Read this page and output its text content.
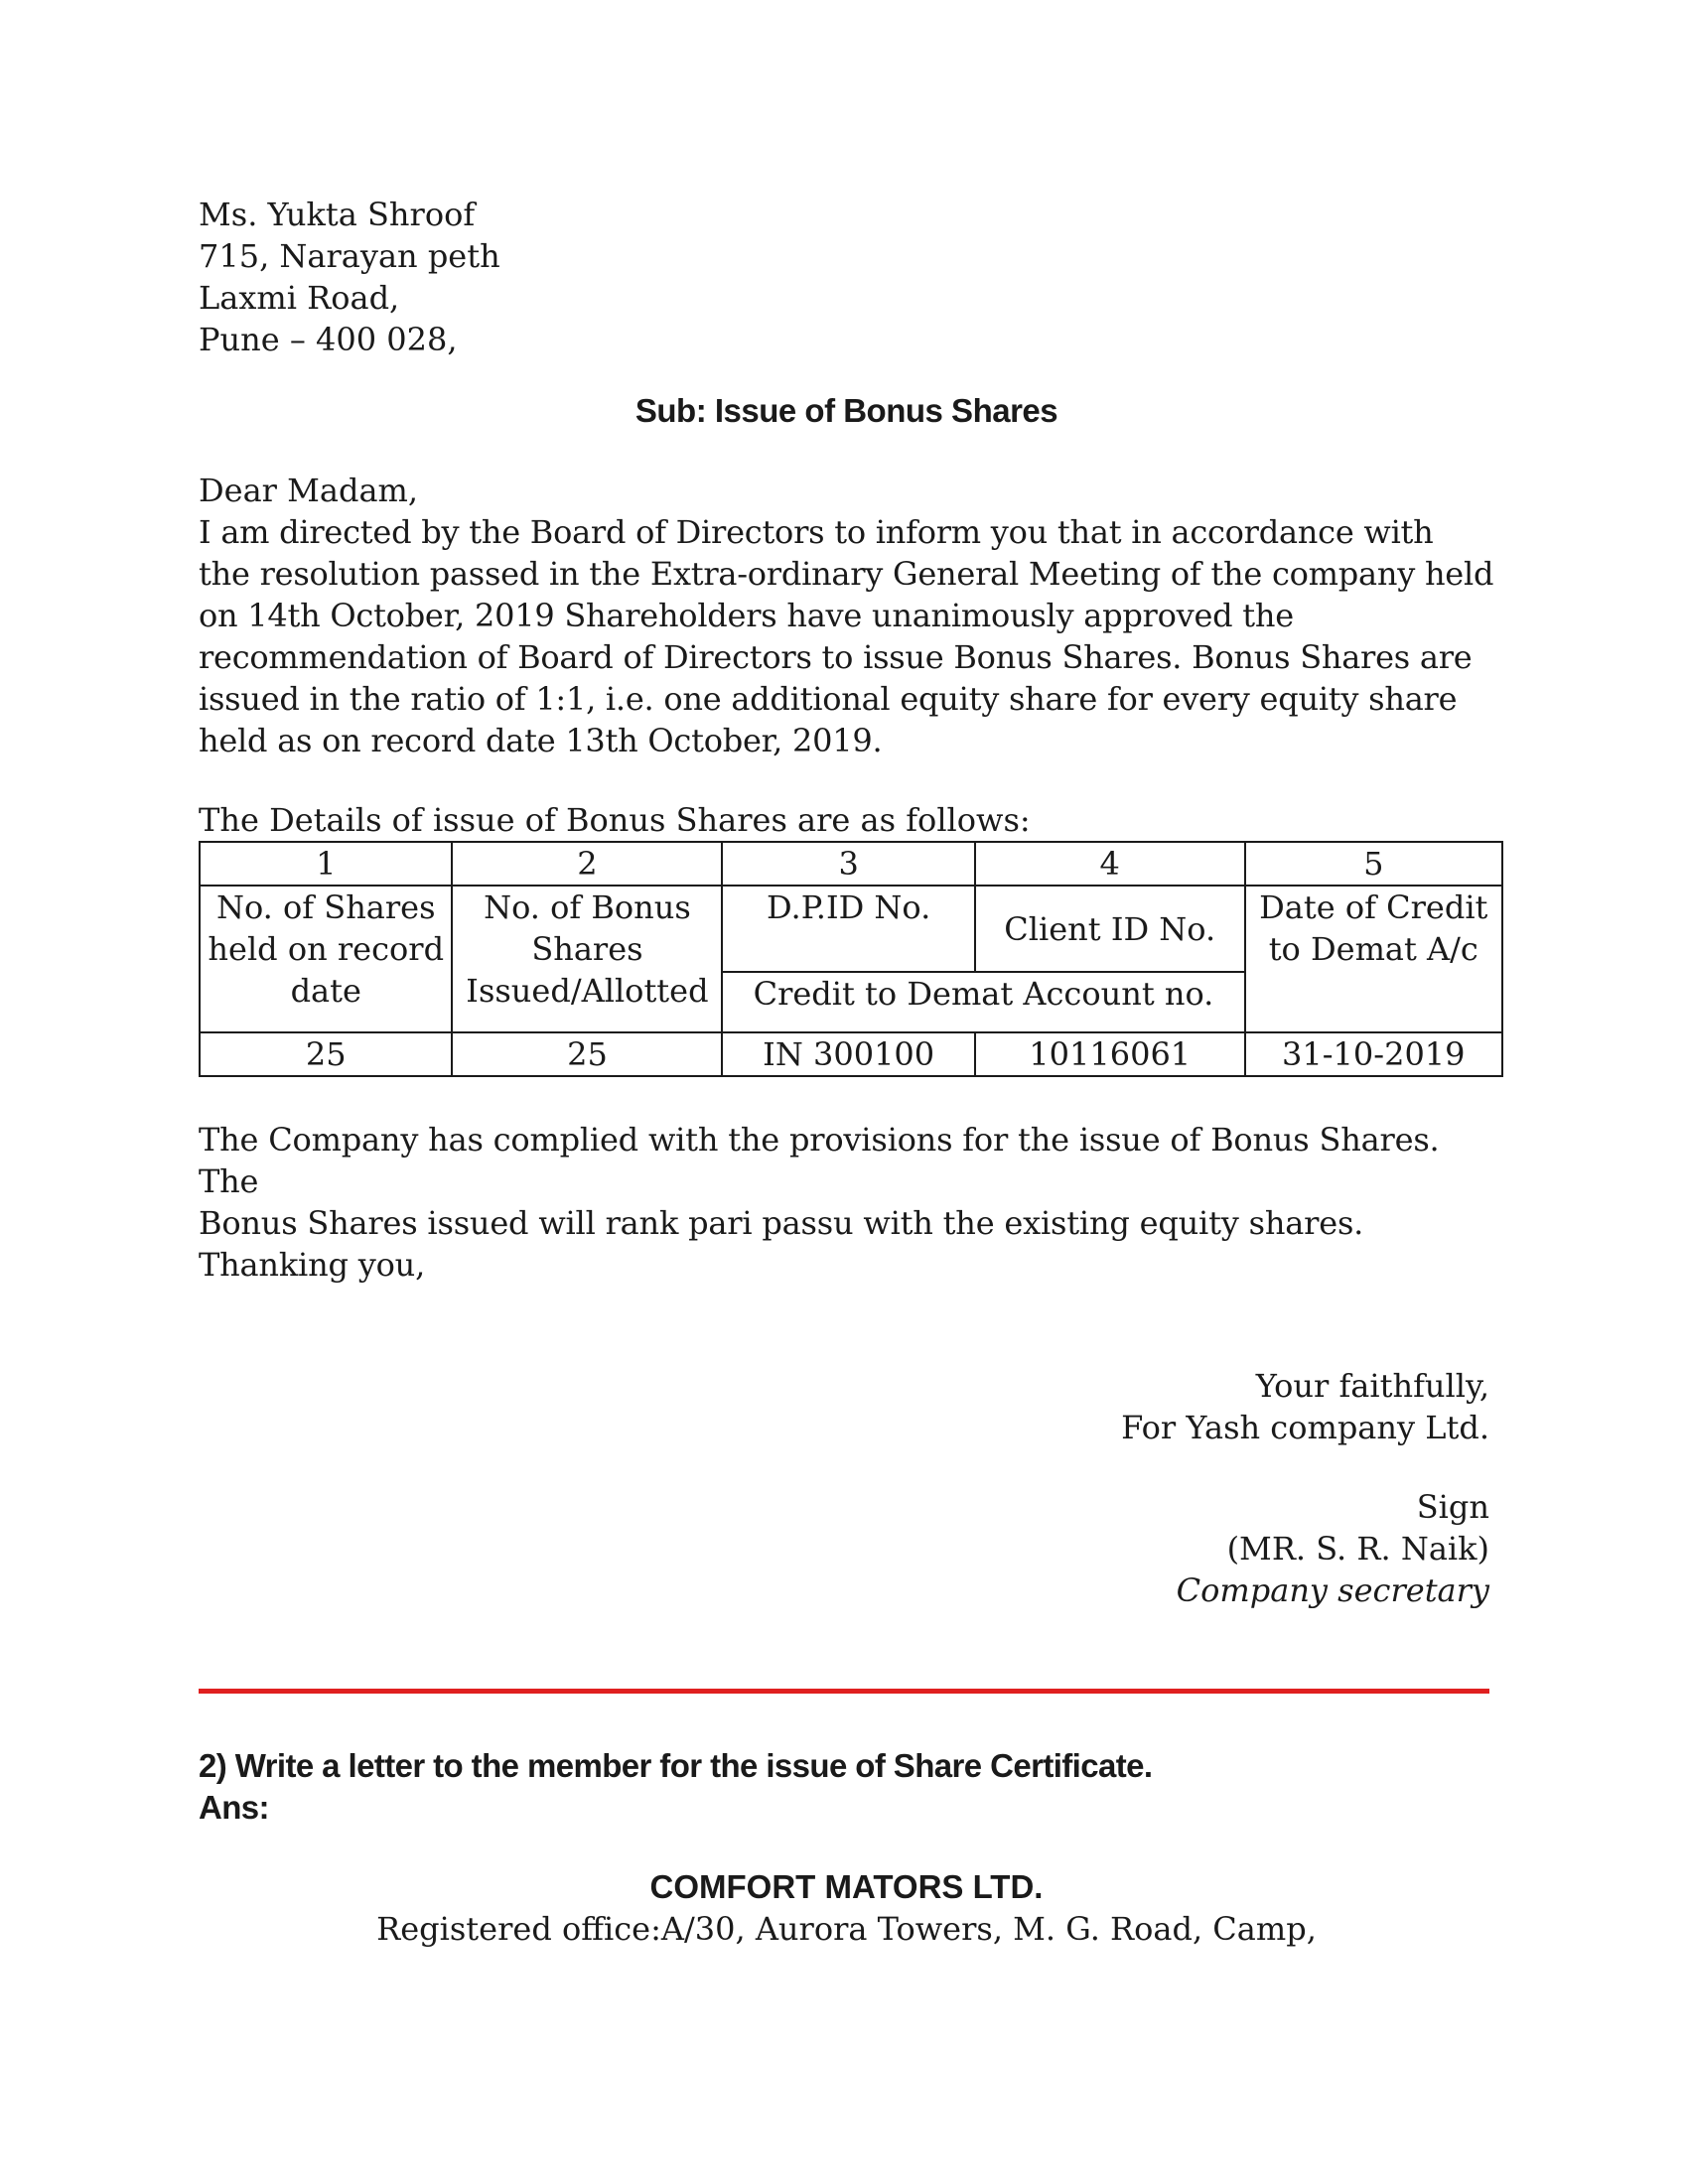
Ms. Yukta Shroof
715, Narayan peth
Laxmi Road,
Pune – 400 028,
Sub: Issue of Bonus Shares
Dear Madam,

I am directed by the Board of Directors to inform you that in accordance with the resolution passed in the Extra-ordinary General Meeting of the company held on 14th October, 2019 Shareholders have unanimously approved the recommendation of Board of Directors to issue Bonus Shares. Bonus Shares are issued in the ratio of 1:1, i.e. one additional equity share for every equity share held as on record date 13th October, 2019.

The Details of issue of Bonus Shares are as follows:
1	2	3	4	5
No. of Shares held on record date	No. of Bonus Shares Issued/Allotted	D.P.ID No.	Client ID No.	Date of Credit to Demat A/c
		Credit to Demat Account no.		
25	25	IN 300100	10116061	31-10-2019
The Company has complied with the provisions for the issue of Bonus Shares. The
Bonus Shares issued will rank pari passu with the existing equity shares.
Thanking you,
Your faithfully,
For Yash company Ltd.
Sign
(MR. S. R. Naik)
Company secretary
2) Write a letter to the member for the issue of Share Certificate.
Ans:
COMFORT MATORS LTD.
Registered office:A/30, Aurora Towers, M. G. Road, Camp,
